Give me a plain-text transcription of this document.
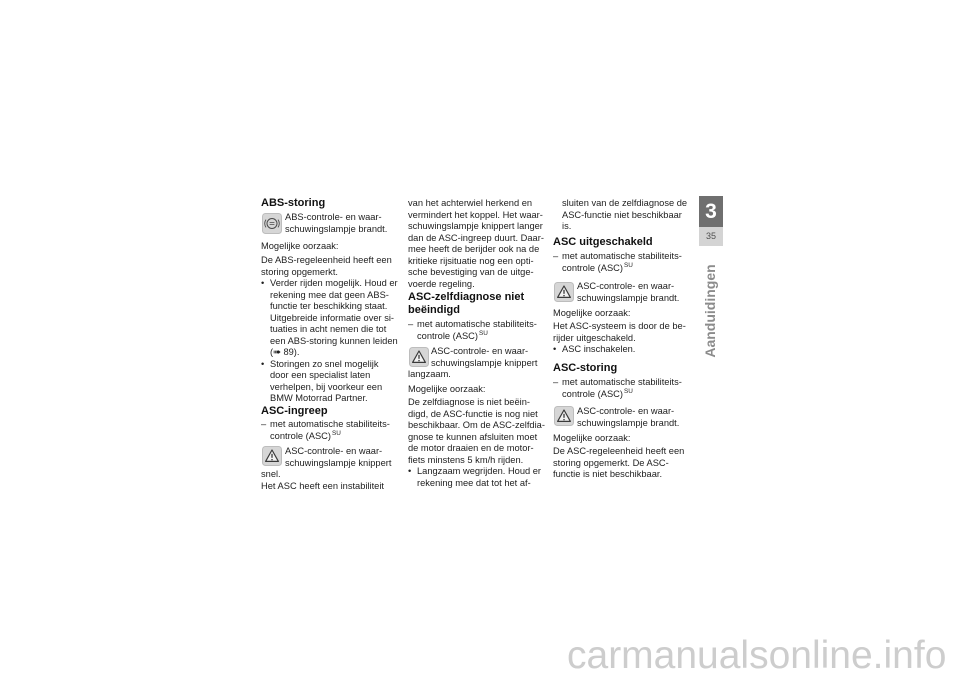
ABS-storing
ABS-controle- en waar-
schuwingslampje brandt.
Mogelijke oorzaak:
De ABS-regeleenheid heeft een
storing opgemerkt.
• Verder rijden mogelijk. Houd er
rekening mee dat geen ABS-
functie ter beschikking staat.
Uitgebreide informatie over si-
tuaties in acht nemen die tot
een ABS-storing kunnen leiden
(➠ 89).
• Storingen zo snel mogelijk
door een specialist laten
verhelpen, bij voorkeur een
BMW Motorrad Partner.
ASC-ingreep
– met automatische stabiliteits-
controle (ASC)$^{SU}$
ASC-controle- en waar-
schuwingslampje knippert
snel.
Het ASC heeft een instabiliteit
van het achterwiel herkend en
vermindert het koppel. Het waar-
schuwingslampje knippert langer
dan de ASC-ingreep duurt. Daar-
mee heeft de berijder ook na de
kritieke rijsituatie nog een opti-
sche bevestiging van de uitge-
voerde regeling.
ASC-zelfdiagnose niet
beëindigd
– met automatische stabiliteits-
controle (ASC)$^{SU}$
ASC-controle- en waar-
schuwingslampje knippert
langzaam.
Mogelijke oorzaak:
De zelfdiagnose is niet beëin-
digd, de ASC-functie is nog niet
beschikbaar. Om de ASC-zelfdia-
gnose te kunnen afsluiten moet
de motor draaien en de motor-
fiets minstens 5 km/h rijden.
• Langzaam wegrijden. Houd er
rekening mee dat tot het af-
sluiten van de zelfdiagnose de
ASC-functie niet beschikbaar
is.
ASC uitgeschakeld
– met automatische stabiliteits-
controle (ASC)$^{SU}$
ASC-controle- en waar-
schuwingslampje brandt.
Mogelijke oorzaak:
Het ASC-systeem is door de be-
rijder uitgeschakeld.
• ASC inschakelen.
ASC-storing
– met automatische stabiliteits-
controle (ASC)$^{SU}$
ASC-controle- en waar-
schuwingslampje brandt.
Mogelijke oorzaak:
De ASC-regeleenheid heeft een
storing opgemerkt. De ASC-
functie is niet beschikbaar.
3
35
Aanduidingen
carmanualsonline.info
